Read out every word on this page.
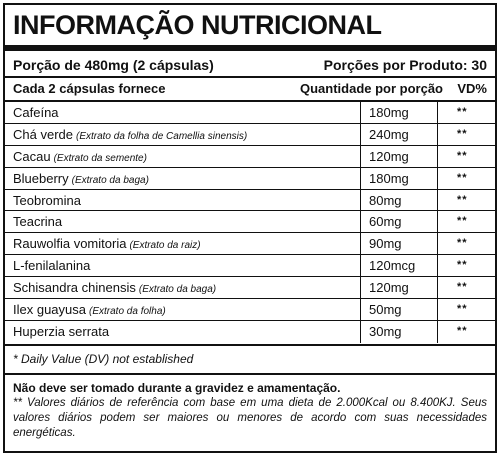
INFORMAÇÃO NUTRICIONAL
Porção de 480mg (2 cápsulas)	Porções por Produto: 30
Cada 2 cápsulas fornece	Quantidade por porção VD%
Cafeína	180mg	**
Chá verde (Extrato da folha de Camellia sinensis)	240mg	**
Cacau (Extrato da semente)	120mg	**
Blueberry (Extrato da baga)	180mg	**
Teobromina	80mg	**
Teacrina	60mg	**
Rauwolfia vomitoria (Extrato da raiz)	90mg	**
L-fenilalanina	120mcg	**
Schisandra chinensis (Extrato da baga)	120mg	**
Ilex guayusa (Extrato da folha)	50mg	**
Huperzia serrata	30mg	**
* Daily Value (DV) not established
Não deve ser tomado durante a gravidez e amamentação.
** Valores diários de referência com base em uma dieta de 2.000Kcal ou 8.400KJ. Seus valores diários podem ser maiores ou menores de acordo com suas necessidades energéticas.
